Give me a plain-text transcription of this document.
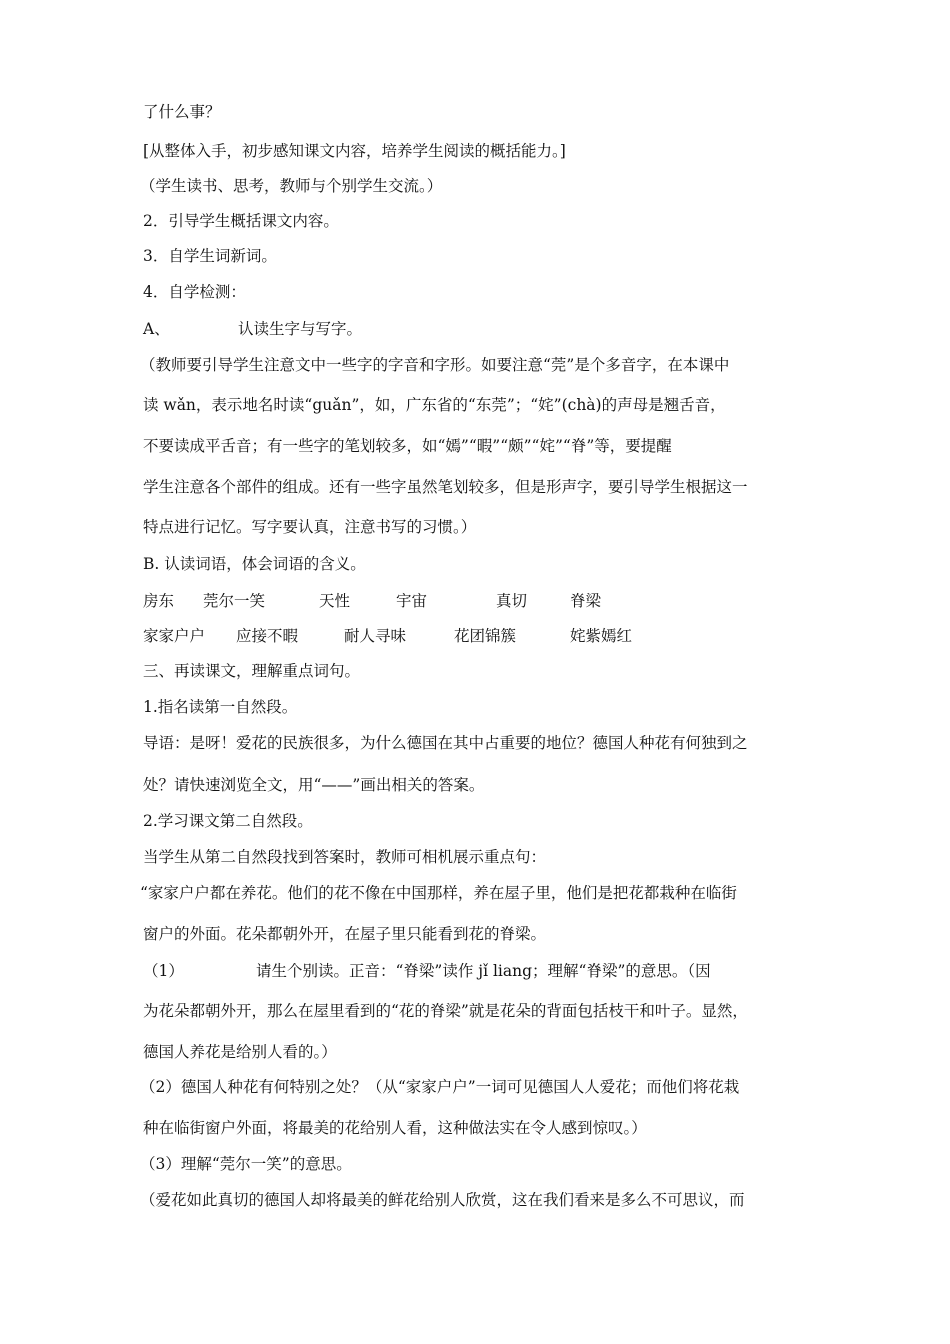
了什么事？
[从整体入手，初步感知课文内容，培养学生阅读的概括能力。]
（学生读书、思考，教师与个别学生交流。）
2．引导学生概括课文内容。
3．自学生词新词。
4．自学检测：
A、	认读生字与写字。
（教师要引导学生注意文中一些字的字音和字形。如要注意“莞”是个多音字，在本课中
读 wǎn，表示地名时读“guǎn”，如，广东省的“东莞”；“姹”(chà)的声母是翘舌音，
不要读成平舌音；有一些字的笔划较多，如“嫣”“暇”“颇”“姹”“脊”等，要提醒
学生注意各个部件的组成。还有一些字虽然笔划较多，但是形声字，要引导学生根据这一
特点进行记忆。写字要认真，注意书写的习惯。）
B. 认读词语，体会词语的含义。
房东 莞尔一笑	天性	宇宙	真切	脊梁
家家户户 应接不暇	耐人寻味	花团锦簇	姹紫嫣红
三、再读课文，理解重点词句。
1.指名读第一自然段。
导语：是呀！爱花的民族很多，为什么德国在其中占重要的地位？德国人种花有何独到之
处？请快速浏览全文，用“——”画出相关的答案。
2.学习课文第二自然段。
当学生从第二自然段找到答案时，教师可相机展示重点句：
“家家户户都在养花。他们的花不像在中国那样，养在屋子里，他们是把花都栽种在临街
窗户的外面。花朵都朝外开，在屋子里只能看到花的脊梁。
（1）	请生个别读。正音：“脊梁”读作 jǐ liang；理解“脊梁”的意思。（因
为花朵都朝外开，那么在屋里看到的“花的脊梁”就是花朵的背面包括枝干和叶子。显然，
德国人养花是给别人看的。）
（2）德国人种花有何特别之处？（从“家家户户”一词可见德国人人爱花；而他们将花栽
种在临街窗户外面，将最美的花给别人看，这种做法实在令人感到惊叹。）
（3）理解“莞尔一笑”的意思。
（爱花如此真切的德国人却将最美的鲜花给别人欣赏，这在我们看来是多么不可思议，而
